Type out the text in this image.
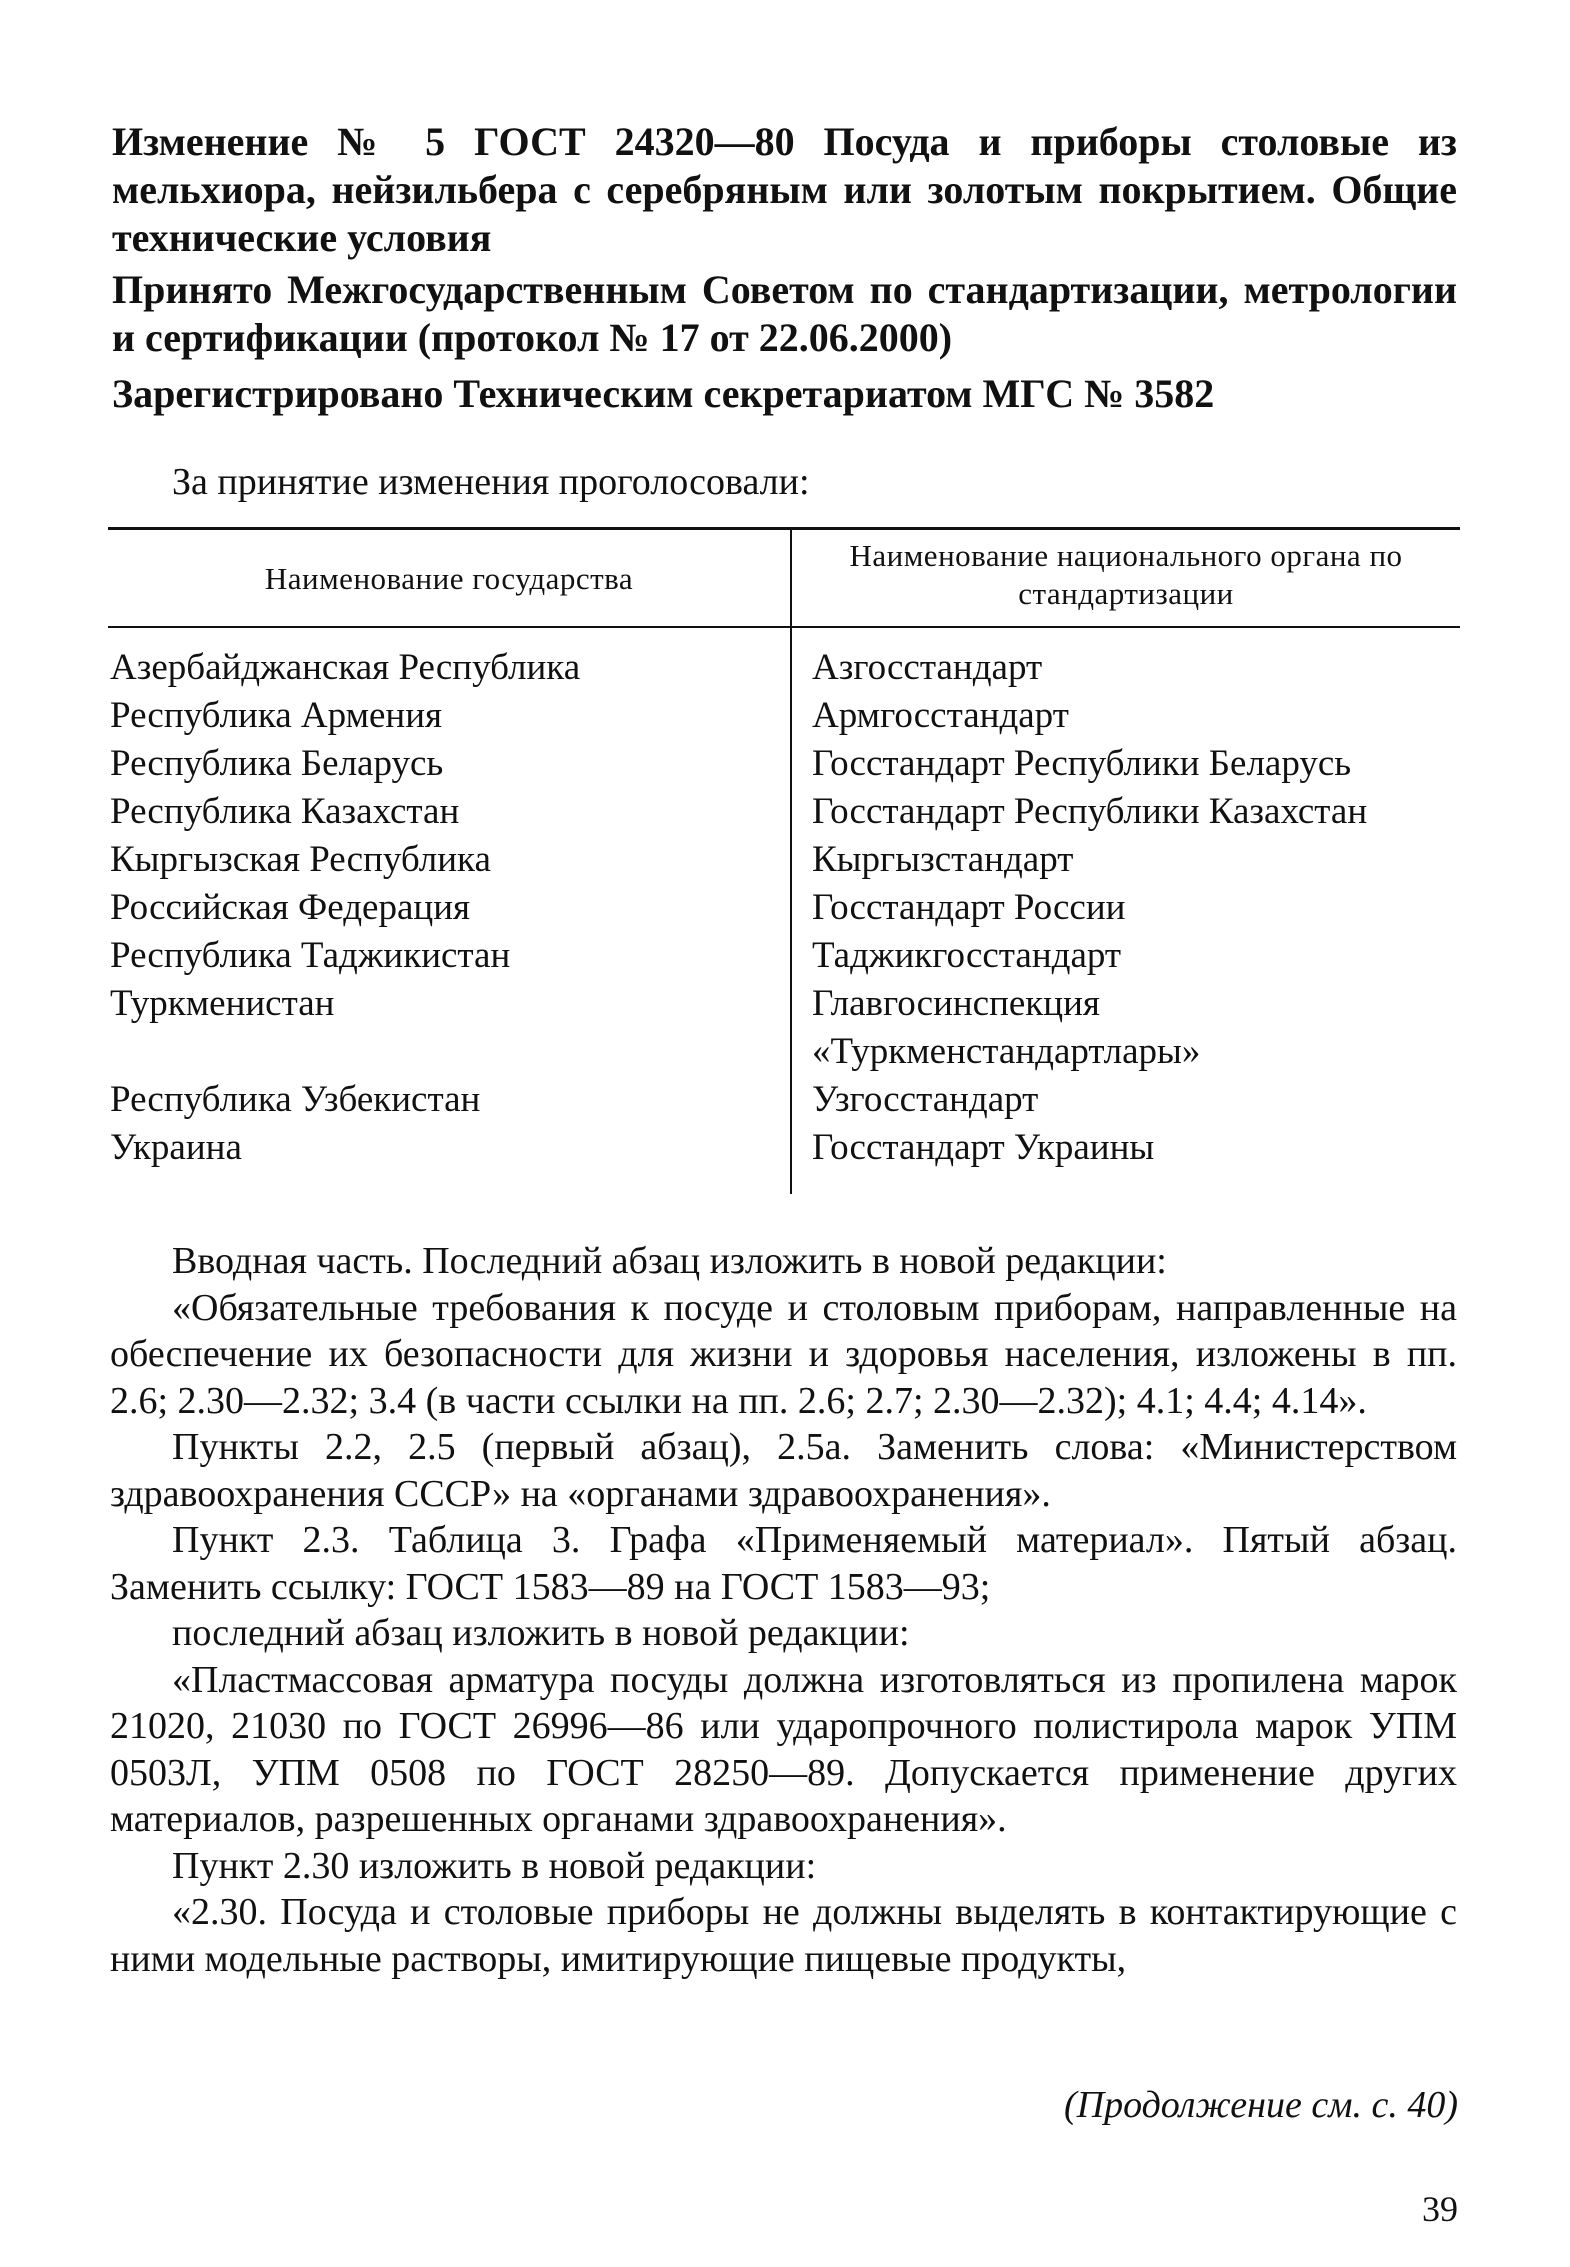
Изменение № 5 ГОСТ 24320—80 Посуда и приборы столовые из мельхиора, нейзильбера с серебряным или золотым покрытием. Общие технические условия

Принято Межгосударственным Советом по стандартизации, метрологии и сертификации (протокол № 17 от 22.06.2000)

Зарегистрировано Техническим секретариатом МГС № 3582

За принятие изменения проголосовали:

Наименование государства
Наименование национального органа по стандартизации
Азербайджанская Республика
Республика Армения
Республика Беларусь
Республика Казахстан
Кыргызская Республика
Российская Федерация
Республика Таджикистан
Туркменистан
Республика Узбекистан
Украина
Азгосстандарт
Армгосстандарт
Госстандарт Республики Беларусь
Госстандарт Республики Казахстан
Кыргызстандарт
Госстандарт России
Таджикгосстандарт
Главгосинспекция «Туркменстандартлары»
Узгосстандарт
Госстандарт Украины

Вводная часть. Последний абзац изложить в новой редакции:

«Обязательные требования к посуде и столовым приборам, направленные на обеспечение их безопасности для жизни и здоровья населения, изложены в пп. 2.6; 2.30—2.32; 3.4 (в части ссылки на пп. 2.6; 2.7; 2.30—2.32); 4.1; 4.4; 4.14».

Пункты 2.2, 2.5 (первый абзац), 2.5а. Заменить слова: «Министерством здравоохранения СССР» на «органами здравоохранения».

Пункт 2.3. Таблица 3. Графа «Применяемый материал». Пятый абзац. Заменить ссылку: ГОСТ 1583—89 на ГОСТ 1583—93;

последний абзац изложить в новой редакции:

«Пластмассовая арматура посуды должна изготовляться из пропилена марок 21020, 21030 по ГОСТ 26996—86 или ударопрочного полистирола марок УПМ 0503Л, УПМ 0508 по ГОСТ 28250—89. Допускается применение других материалов, разрешенных органами здравоохранения».

Пункт 2.30 изложить в новой редакции:

«2.30. Посуда и столовые приборы не должны выделять в контактирующие с ними модельные растворы, имитирующие пищевые продукты,

(Продолжение см. с. 40)

39
